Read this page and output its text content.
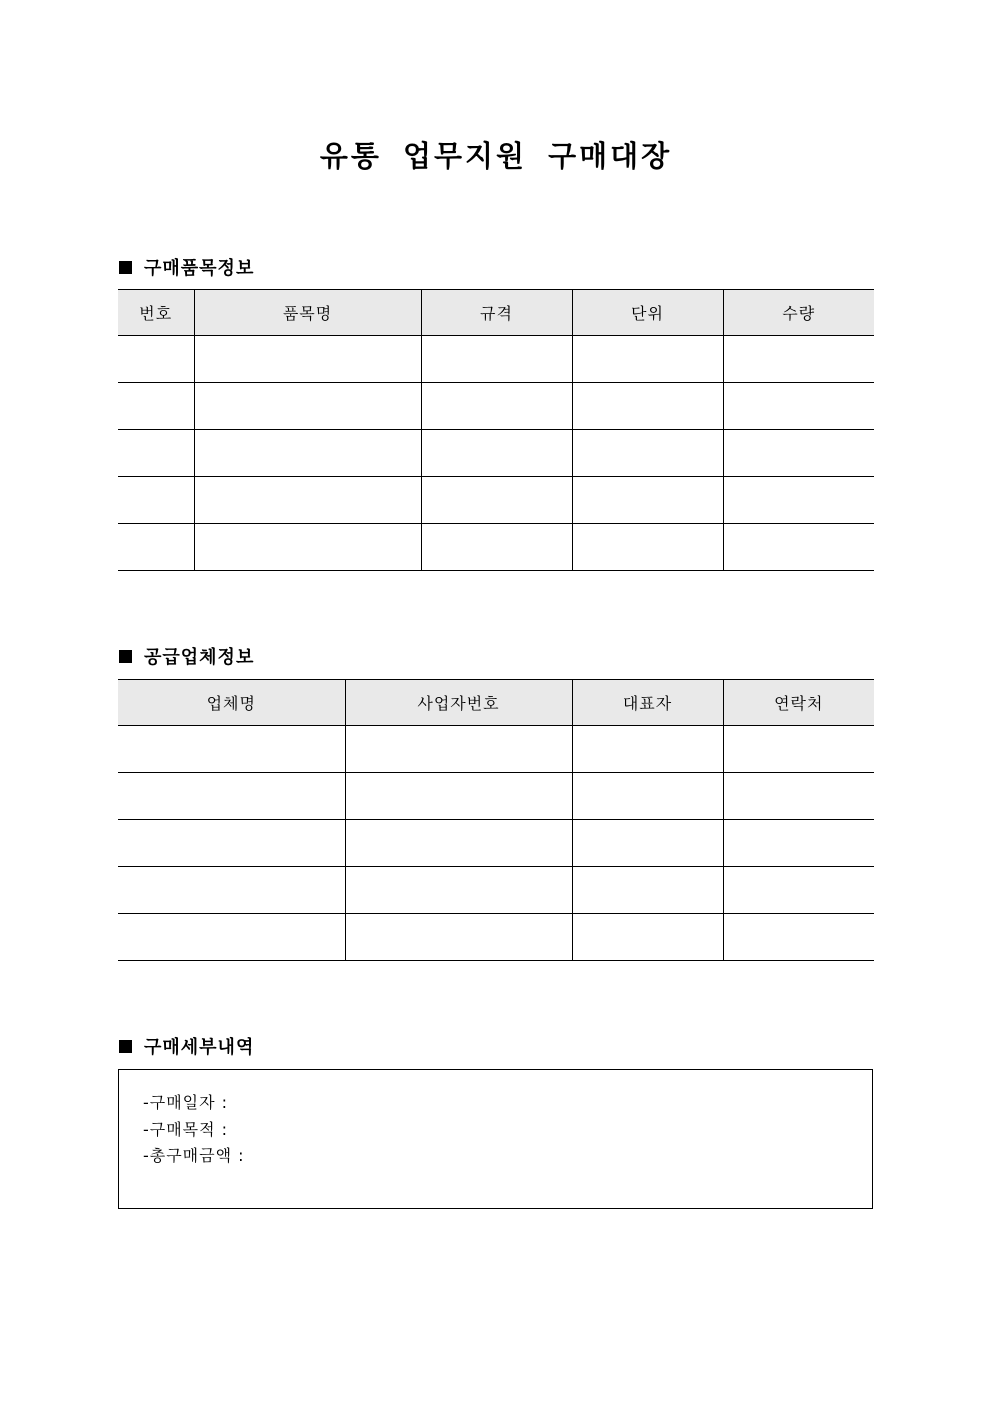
유통 업무지원 구매대장
구매품목정보
번호	품목명	규격	단위	수량

공급업체정보
업체명	사업자번호	대표자	연락처

구매세부내역
-구매일자 :
-구매목적 :
-총구매금액 :
